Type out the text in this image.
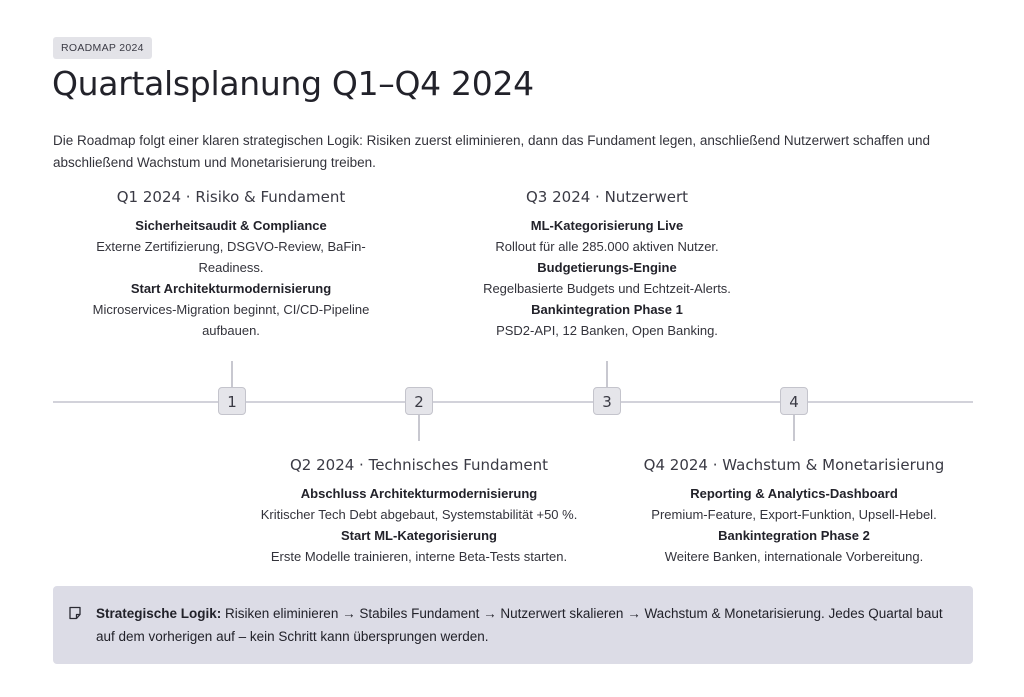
ROADMAP 2024
Quartalsplanung Q1–Q4 2024
Die Roadmap folgt einer klaren strategischen Logik: Risiken zuerst eliminieren, dann das Fundament legen, anschließend Nutzerwert schaffen und abschließend Wachstum und Monetarisierung treiben.
Q1 2024 · Risiko & Fundament
Sicherheitsaudit & Compliance
Externe Zertifizierung, DSGVO-Review, BaFin-Readiness.
Start Architekturmodernisierung
Microservices-Migration beginnt, CI/CD-Pipeline aufbauen.
Q3 2024 · Nutzerwert
ML-Kategorisierung Live
Rollout für alle 285.000 aktiven Nutzer.
Budgetierungs-Engine
Regelbasierte Budgets und Echtzeit-Alerts.
Bankintegration Phase 1
PSD2-API, 12 Banken, Open Banking.
1	2	3	4
Q2 2024 · Technisches Fundament
Abschluss Architekturmodernisierung
Kritischer Tech Debt abgebaut, Systemstabilität +50 %.
Start ML-Kategorisierung
Erste Modelle trainieren, interne Beta-Tests starten.
Q4 2024 · Wachstum & Monetarisierung
Reporting & Analytics-Dashboard
Premium-Feature, Export-Funktion, Upsell-Hebel.
Bankintegration Phase 2
Weitere Banken, internationale Vorbereitung.
Strategische Logik: Risiken eliminieren → Stabiles Fundament → Nutzerwert skalieren → Wachstum & Monetarisierung. Jedes Quartal baut auf dem vorherigen auf – kein Schritt kann übersprungen werden.
